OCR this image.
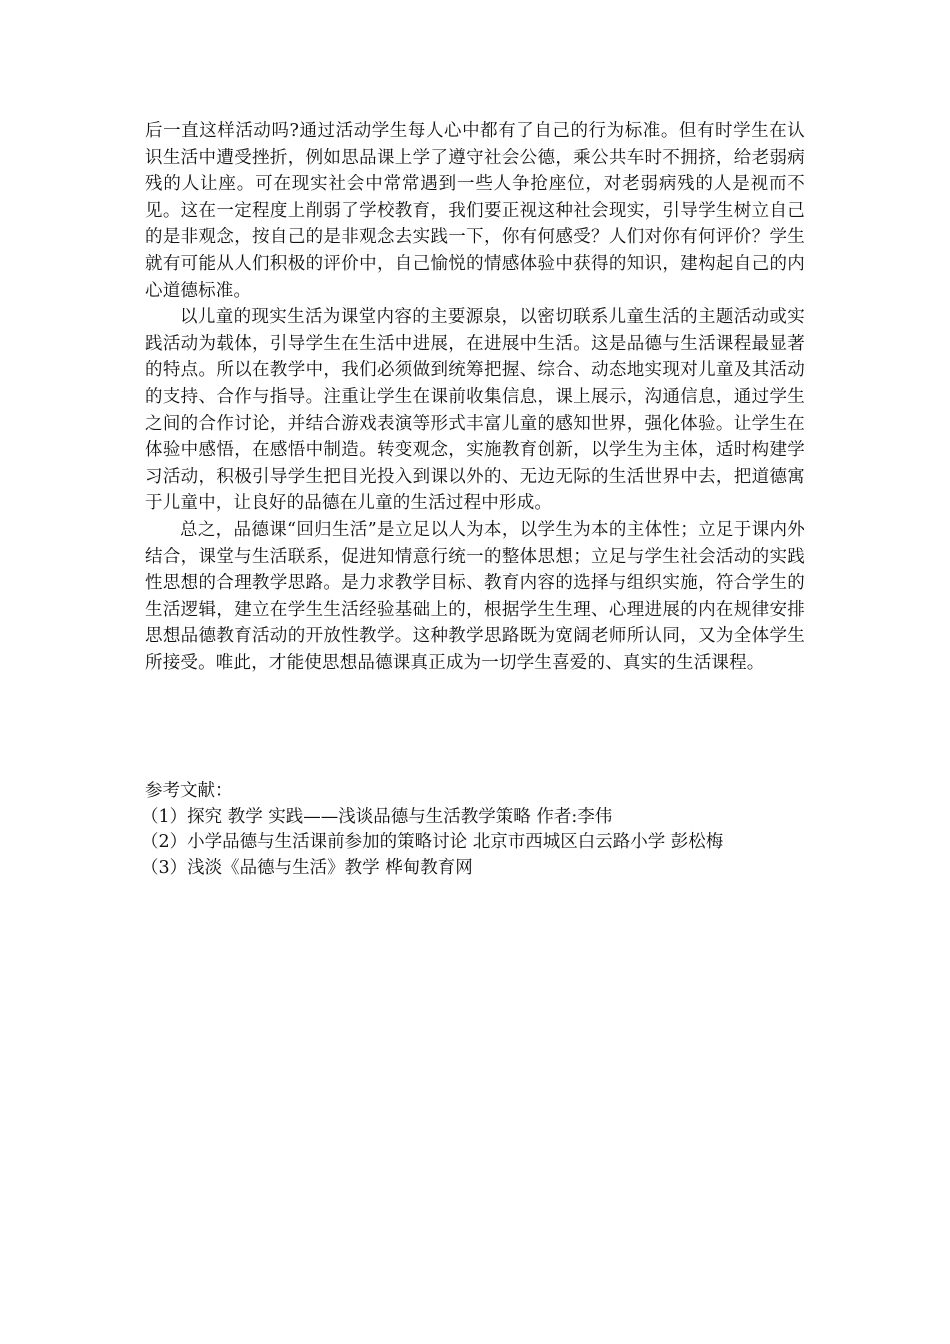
后一直这样活动吗?通过活动学生每人心中都有了自己的行为标准。但有时学生在认识生活中遭受挫折，例如思品课上学了遵守社会公德，乘公共车时不拥挤，给老弱病残的人让座。可在现实社会中常常遇到一些人争抢座位，对老弱病残的人是视而不见。这在一定程度上削弱了学校教育，我们要正视这种社会现实，引导学生树立自己的是非观念，按自己的是非观念去实践一下，你有何感受？人们对你有何评价？学生就有可能从人们积极的评价中，自己愉悦的情感体验中获得的知识，建构起自己的内心道德标准。

以儿童的现实生活为课堂内容的主要源泉，以密切联系儿童生活的主题活动或实践活动为载体，引导学生在生活中进展，在进展中生活。这是品德与生活课程最显著的特点。所以在教学中，我们必须做到统筹把握、综合、动态地实现对儿童及其活动的支持、合作与指导。注重让学生在课前收集信息，课上展示，沟通信息，通过学生之间的合作讨论，并结合游戏表演等形式丰富儿童的感知世界，强化体验。让学生在体验中感悟，在感悟中制造。转变观念，实施教育创新，以学生为主体，适时构建学习活动，积极引导学生把目光投入到课以外的、无边无际的生活世界中去，把道德寓于儿童中，让良好的品德在儿童的生活过程中形成。

总之，品德课“回归生活”是立足以人为本，以学生为本的主体性；立足于课内外结合，课堂与生活联系，促进知情意行统一的整体思想；立足与学生社会活动的实践性思想的合理教学思路。是力求教学目标、教育内容的选择与组织实施，符合学生的生活逻辑，建立在学生生活经验基础上的，根据学生生理、心理进展的内在规律安排思想品德教育活动的开放性教学。这种教学思路既为宽阔老师所认同，又为全体学生所接受。唯此，才能使思想品德课真正成为一切学生喜爱的、真实的生活课程。

参考文献：
（1）探究 教学 实践——浅谈品德与生活教学策略 作者:李伟
（2）小学品德与生活课前参加的策略讨论 北京市西城区白云路小学 彭松梅
（3）浅淡《品德与生活》教学 桦甸教育网
